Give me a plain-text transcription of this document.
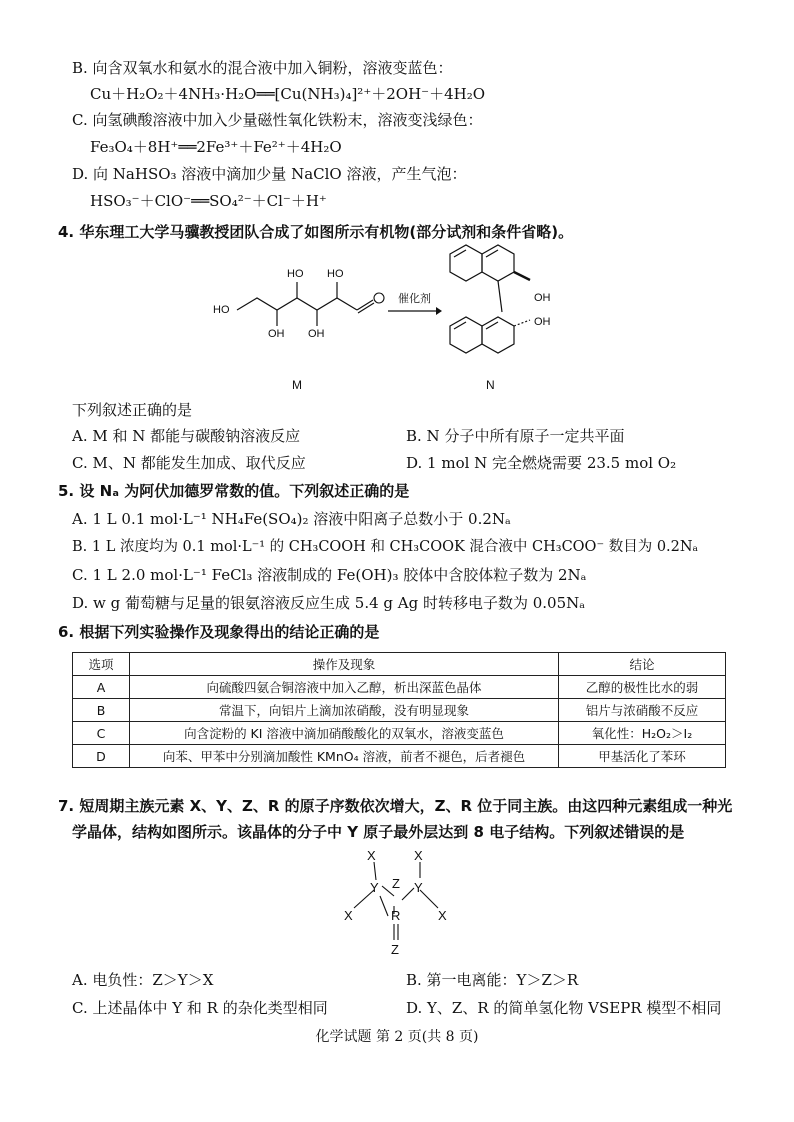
B. 向含双氧水和氨水的混合液中加入铜粉，溶液变蓝色：
Cu＋H₂O₂＋4NH₃·H₂O══[Cu(NH₃)₄]²⁺＋2OH⁻＋4H₂O
C. 向氢碘酸溶液中加入少量磁性氧化铁粉末，溶液变浅绿色：
Fe₃O₄＋8H⁺══2Fe³⁺＋Fe²⁺＋4H₂O
D. 向 NaHSO₃ 溶液中滴加少量 NaClO 溶液，产生气泡：
HSO₃⁻＋ClO⁻══SO₄²⁻＋Cl⁻＋H⁺
4. 华东理工大学马骥教授团队合成了如图所示有机物(部分试剂和条件省略)。
HO
HO HO
OH OH
M
催化剂	OH
OH
N
下列叙述正确的是
A. M 和 N 都能与碳酸钠溶液反应	B. N 分子中所有原子一定共平面
C. M、N 都能发生加成、取代反应	D. 1 mol N 完全燃烧需要 23.5 mol O₂
5. 设 Nₐ 为阿伏加德罗常数的值。下列叙述正确的是
A. 1 L 0.1 mol·L⁻¹ NH₄Fe(SO₄)₂ 溶液中阳离子总数小于 0.2Nₐ
B. 1 L 浓度均为 0.1 mol·L⁻¹ 的 CH₃COOH 和 CH₃COOK 混合液中 CH₃COO⁻ 数目为 0.2Nₐ
C. 1 L 2.0 mol·L⁻¹ FeCl₃ 溶液制成的 Fe(OH)₃ 胶体中含胶体粒子数为 2Nₐ
D. w g 葡萄糖与足量的银氨溶液反应生成 5.4 g Ag 时转移电子数为 0.05Nₐ
6. 根据下列实验操作及现象得出的结论正确的是
选项	操作及现象	结论
A	向硫酸四氨合铜溶液中加入乙醇，析出深蓝色晶体	乙醇的极性比水的弱
B	常温下，向铝片上滴加浓硝酸，没有明显现象	铝片与浓硝酸不反应
C	向含淀粉的 KI 溶液中滴加硝酸酸化的双氧水，溶液变蓝色	氧化性：H₂O₂＞I₂
D	向苯、甲苯中分别滴加酸性 KMnO₄ 溶液，前者不褪色，后者褪色	甲基活化了苯环
7. 短周期主族元素 X、Y、Z、R 的原子序数依次增大，Z、R 位于同主族。由这四种元素组成一种光
学晶体，结构如图所示。该晶体的分子中 Y 原子最外层达到 8 电子结构。下列叙述错误的是
X	X
Y Z Y
X	R	X
Z
A. 电负性：Z＞Y＞X	B. 第一电离能：Y＞Z＞R
C. 上述晶体中 Y 和 R 的杂化类型相同	D. Y、Z、R 的简单氢化物 VSEPR 模型不相同
化学试题 第 2 页(共 8 页)
